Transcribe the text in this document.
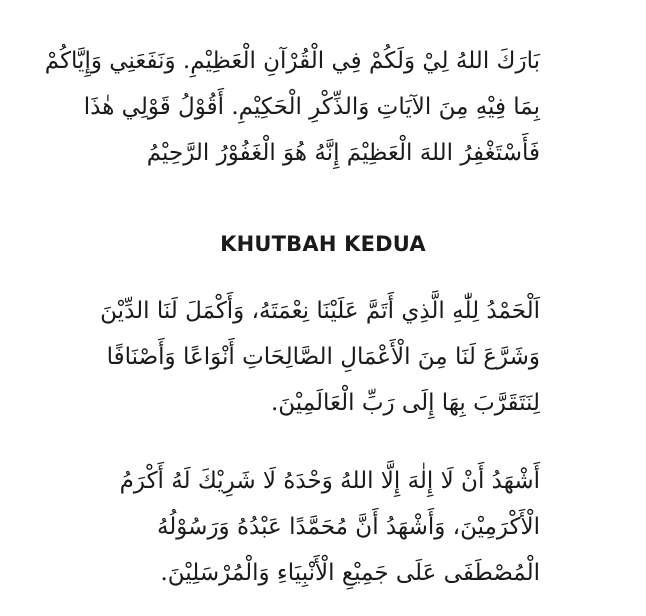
بَارَكَ اللهُ لِيْ وَلَكُمْ فِي الْقُرْآنِ الْعَظِيْمِ. وَنَفَعَنِي وَإِيَّاكُمْ
بِمَا فِيْهِ مِنَ الآيَاتِ وَالذِّكْرِ الْحَكِيْمِ. أَقُوْلُ قَوْلِي هٰذَا
فَأَسْتَغْفِرُ اللهَ الْعَظِيْمَ إِنَّهُ هُوَ الْغَفُوْرُ الرَّحِيْمُ
KHUTBAH KEDUA
اَلْحَمْدُ لِلّٰهِ الَّذِي أَتَمَّ عَلَيْنَا نِعْمَتَهُ، وَأَكْمَلَ لَنَا الدِّيْنَ
وَشَرَّعَ لَنَا مِنَ الْأَعْمَالِ الصَّالِحَاتِ أَنْوَاعًا وَأَصْنَافًا
لِنَتَقَرَّبَ بِهَا إِلَى رَبِّ الْعَالَمِيْنَ.
أَشْهَدُ أَنْ لَا إِلٰهَ إِلَّا اللهُ وَحْدَهُ لَا شَرِيْكَ لَهُ أَكْرَمُ
الْأَكْرَمِيْنَ، وَأَشْهَدُ أَنَّ مُحَمَّدًا عَبْدُهُ وَرَسُوْلُهُ
الْمُصْطَفَى عَلَى جَمِيْعِ الْأَنْبِيَاءِ وَالْمُرْسَلِيْنَ.
